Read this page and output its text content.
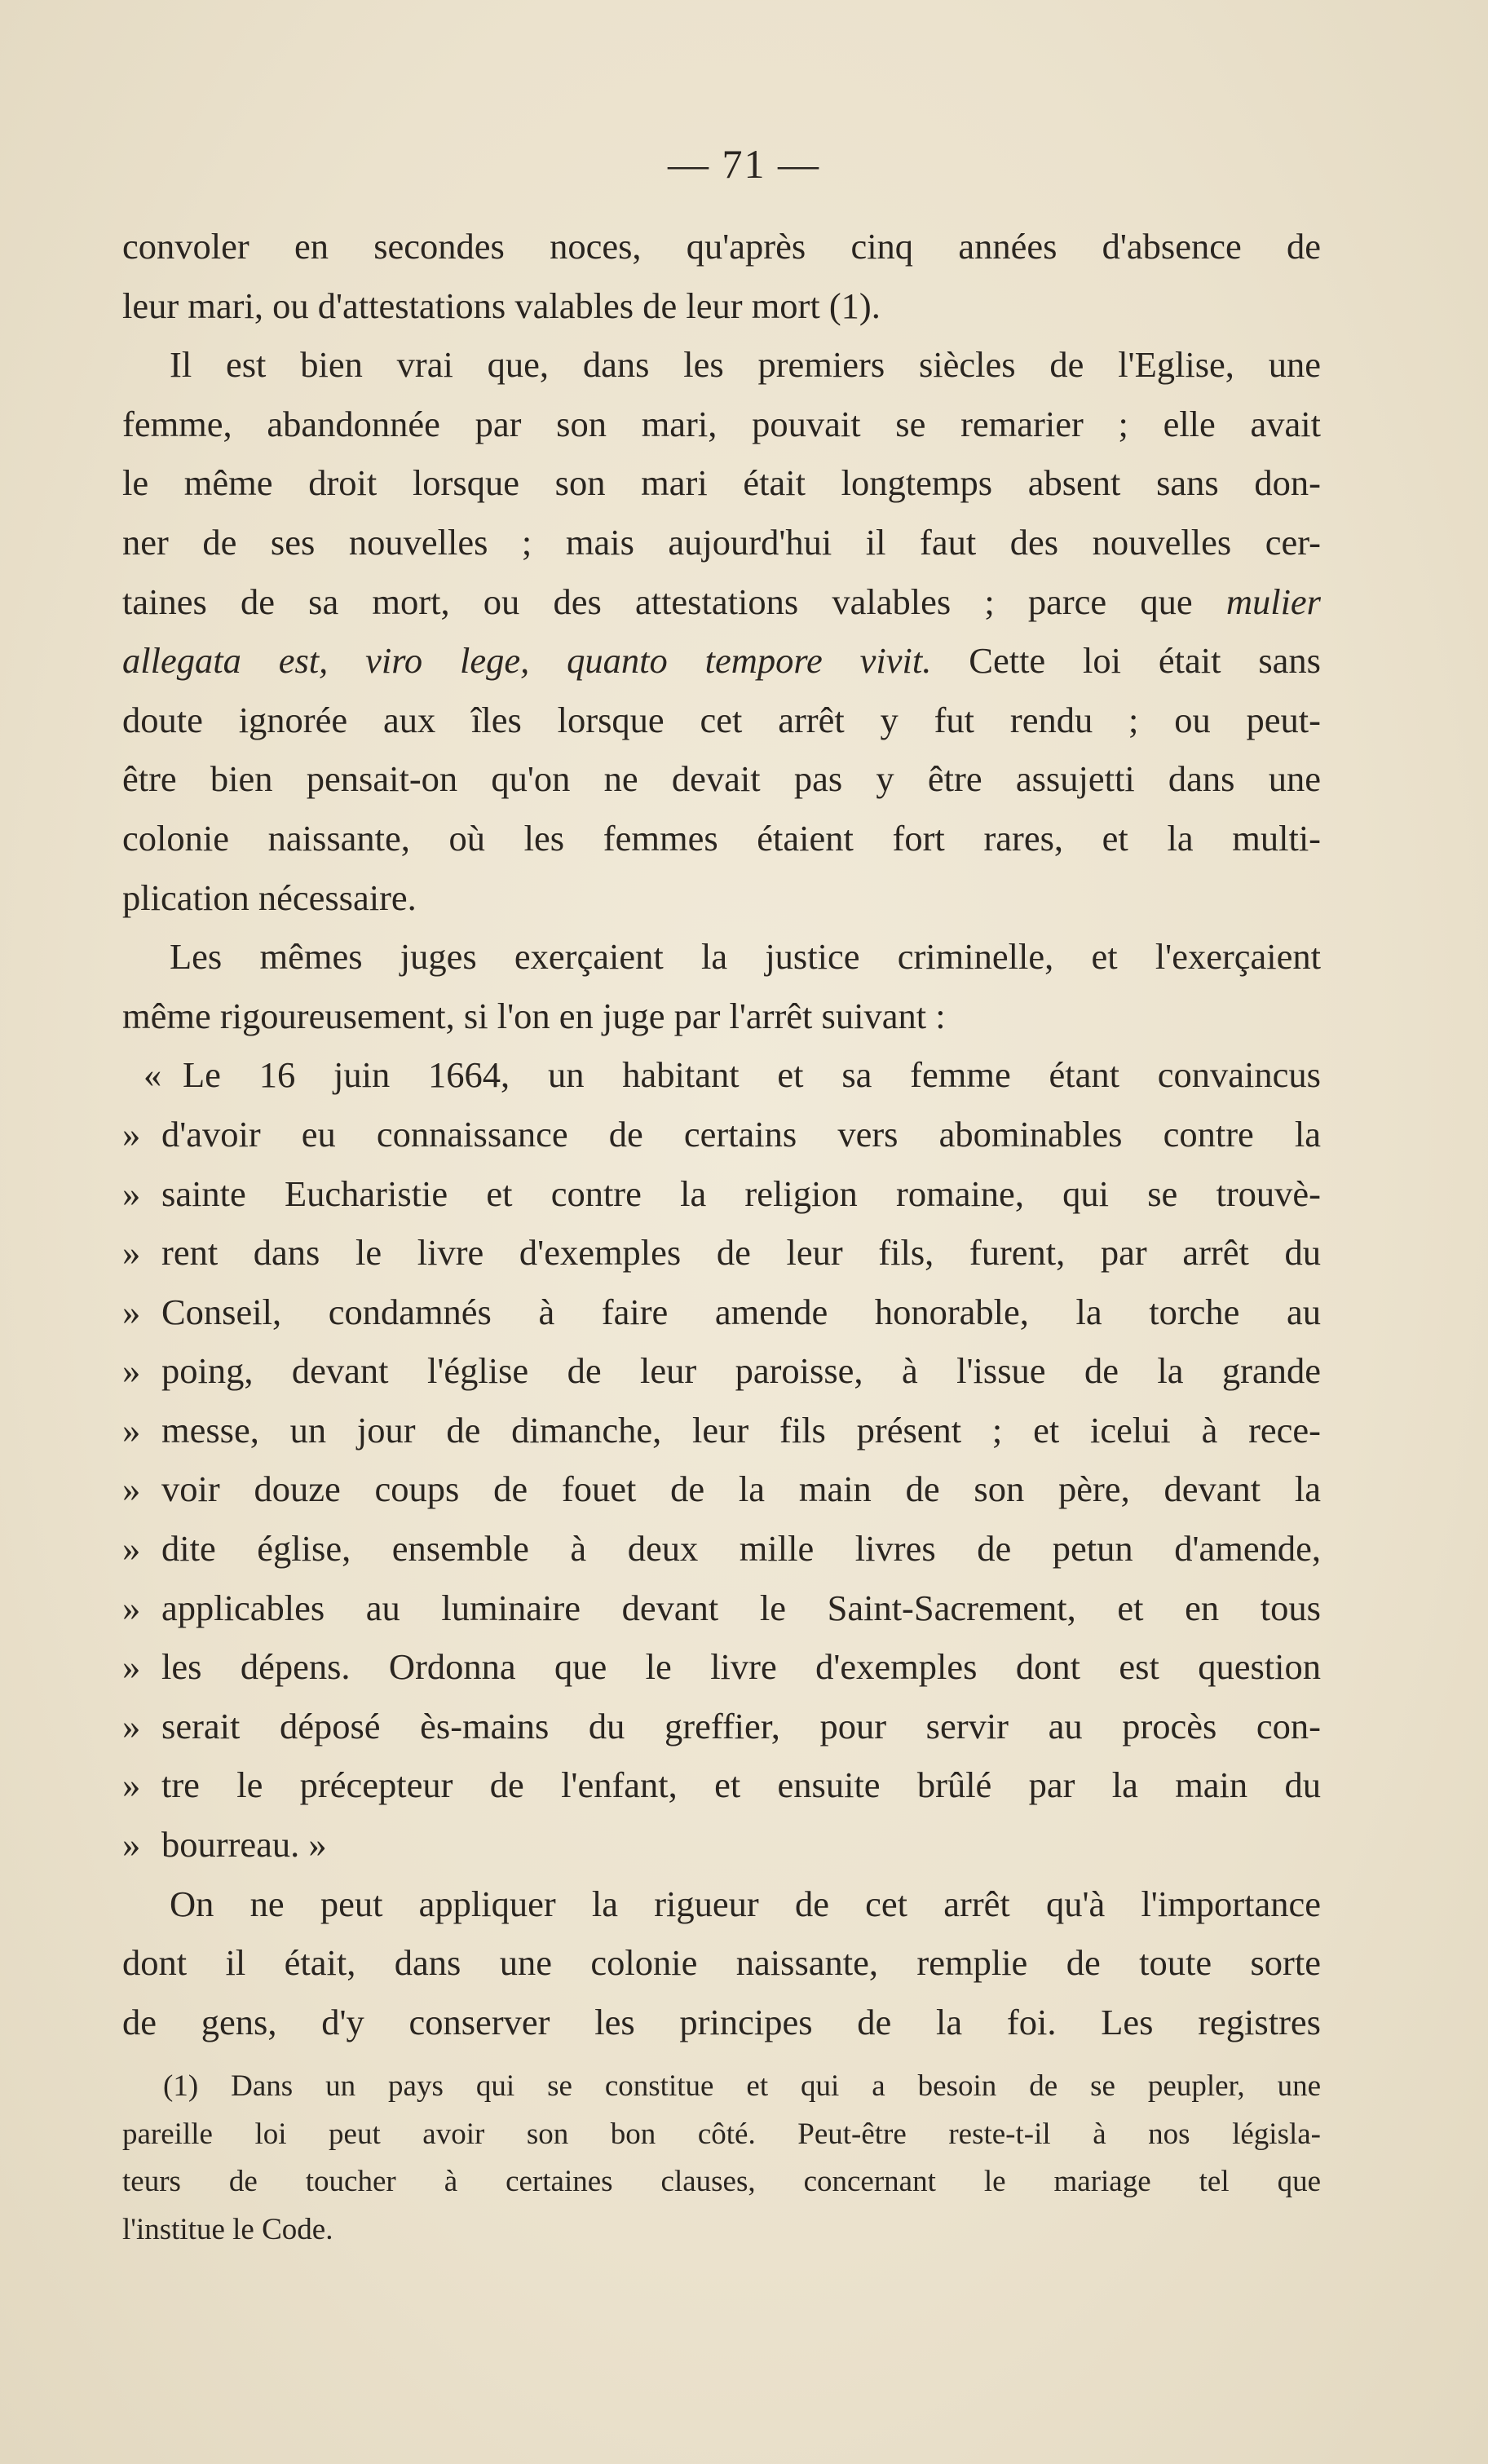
— 71 —
convoler en secondes noces, qu'après cinq années d'absence de
leur mari, ou d'attestations valables de leur mort (1).
Il est bien vrai que, dans les premiers siècles de l'Eglise, une
femme, abandonnée par son mari, pouvait se remarier ; elle avait
le même droit lorsque son mari était longtemps absent sans don-
ner de ses nouvelles ; mais aujourd'hui il faut des nouvelles cer-
taines de sa mort, ou des attestations valables ; parce que mulier
allegata est, viro lege, quanto tempore vivit. Cette loi était sans
doute ignorée aux îles lorsque cet arrêt y fut rendu ; ou peut-
être bien pensait-on qu'on ne devait pas y être assujetti dans une
colonie naissante, où les femmes étaient fort rares, et la multi-
plication nécessaire.
Les mêmes juges exerçaient la justice criminelle, et l'exerçaient
même rigoureusement, si l'on en juge par l'arrêt suivant :
« Le 16 juin 1664, un habitant et sa femme étant convaincus
» d'avoir eu connaissance de certains vers abominables contre la
» sainte Eucharistie et contre la religion romaine, qui se trouvè-
» rent dans le livre d'exemples de leur fils, furent, par arrêt du
» Conseil, condamnés à faire amende honorable, la torche au
» poing, devant l'église de leur paroisse, à l'issue de la grande
» messe, un jour de dimanche, leur fils présent ; et icelui à rece-
» voir douze coups de fouet de la main de son père, devant la
» dite église, ensemble à deux mille livres de petun d'amende,
» applicables au luminaire devant le Saint-Sacrement, et en tous
» les dépens. Ordonna que le livre d'exemples dont est question
» serait déposé ès-mains du greffier, pour servir au procès con-
» tre le précepteur de l'enfant, et ensuite brûlé par la main du
» bourreau. »
On ne peut appliquer la rigueur de cet arrêt qu'à l'importance
dont il était, dans une colonie naissante, remplie de toute sorte
de gens, d'y conserver les principes de la foi. Les registres
(1) Dans un pays qui se constitue et qui a besoin de se peupler, une
pareille loi peut avoir son bon côté. Peut-être reste-t-il à nos législa-
teurs de toucher à certaines clauses, concernant le mariage tel que
l'institue le Code.
